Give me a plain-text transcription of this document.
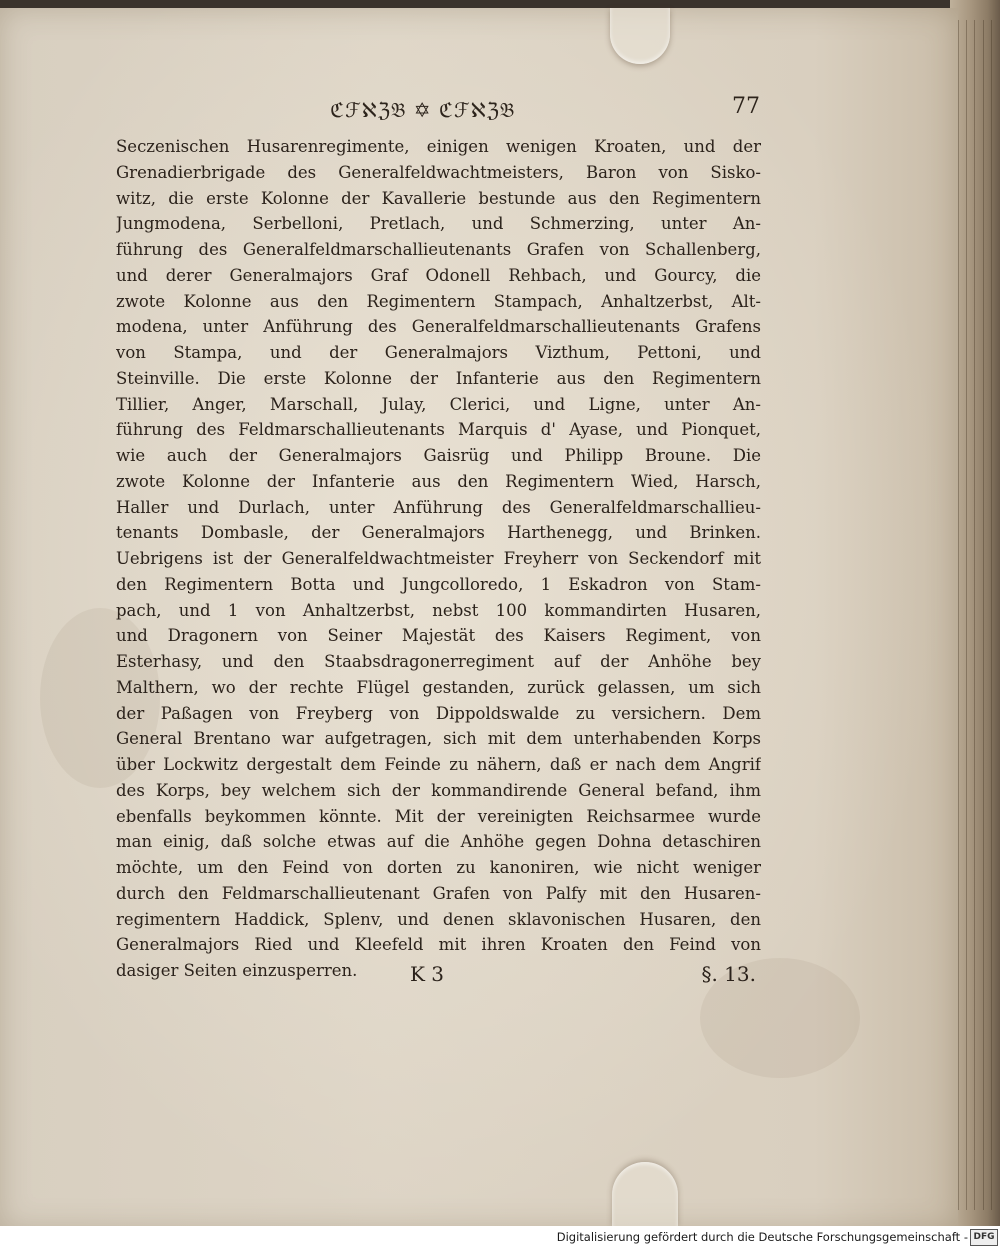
ℭℱℵℨ𝔅 ✡ ℭℱℵℨ𝔅	77
Seczenischen Husarenregimente, einigen wenigen Kroaten, und der
Grenadierbrigade des Generalfeldwachtmeisters, Baron von Sisko-
witz, die erste Kolonne der Kavallerie bestunde aus den Regimentern
Jungmodena, Serbelloni, Pretlach, und Schmerzing, unter An-
führung des Generalfeldmarschallieutenants Grafen von Schallenberg,
und derer Generalmajors Graf Odonell Rehbach, und Gourcy, die
zwote Kolonne aus den Regimentern Stampach, Anhaltzerbst, Alt-
modena, unter Anführung des Generalfeldmarschallieutenants Grafens
von Stampa, und der Generalmajors Vizthum, Pettoni, und
Steinville. Die erste Kolonne der Infanterie aus den Regimentern
Tillier, Anger, Marschall, Julay, Clerici, und Ligne, unter An-
führung des Feldmarschallieutenants Marquis d' Ayase, und Pionquet,
wie auch der Generalmajors Gaisrüg und Philipp Broune. Die
zwote Kolonne der Infanterie aus den Regimentern Wied, Harsch,
Haller und Durlach, unter Anführung des Generalfeldmarschallieu-
tenants Dombasle, der Generalmajors Harthenegg, und Brinken.
Uebrigens ist der Generalfeldwachtmeister Freyherr von Seckendorf mit
den Regimentern Botta und Jungcolloredo, 1 Eskadron von Stam-
pach, und 1 von Anhaltzerbst, nebst 100 kommandirten Husaren,
und Dragonern von Seiner Majestät des Kaisers Regiment, von
Esterhasy, und den Staabsdragonerregiment auf der Anhöhe bey
Malthern, wo der rechte Flügel gestanden, zurück gelassen, um sich
der Paßagen von Freyberg von Dippoldswalde zu versichern. Dem
General Brentano war aufgetragen, sich mit dem unterhabenden Korps
über Lockwitz dergestalt dem Feinde zu nähern, daß er nach dem Angrif
des Korps, bey welchem sich der kommandirende General befand, ihm
ebenfalls beykommen könnte. Mit der vereinigten Reichsarmee wurde
man einig, daß solche etwas auf die Anhöhe gegen Dohna detaschiren
möchte, um den Feind von dorten zu kanoniren, wie nicht weniger
durch den Feldmarschallieutenant Grafen von Palfy mit den Husaren-
regimentern Haddick, Splenv, und denen sklavonischen Husaren, den
Generalmajors Ried und Kleefeld mit ihren Kroaten den Feind von
dasiger Seiten einzusperren.	K 3	§. 13.
Digitalisierung gefördert durch die Deutsche Forschungsgemeinschaft - DFG
